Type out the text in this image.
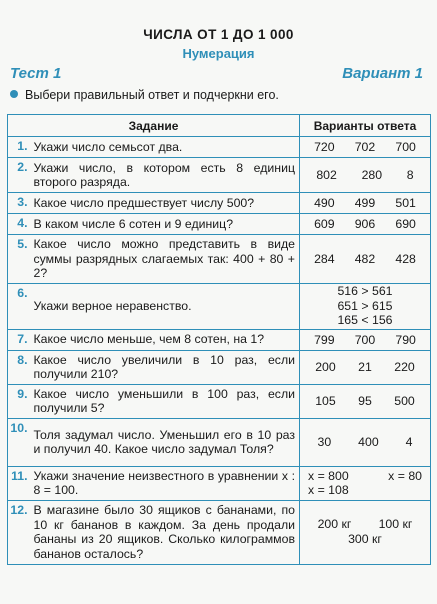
ЧИСЛА ОТ 1 ДО 1 000
Нумерация
Тест 1	Вариант 1
Выбери правильный ответ и подчеркни его.
Задание		Варианты ответа
1.	Укажи число семьсот два.	720 702 700

2.	Укажи число, в котором есть 8 единиц второго разряда.	802 280 8

3.	Какое число предшествует числу 500?	490 499 501

4.	В каком числе 6 сотен и 9 единиц?	609 906 690

5.	Какое число можно представить в виде суммы разрядных слагаемых так: 400 + 80 + 2?	284 482 428

6.	Укажи верное неравенство.	516 > 561
651 > 615
165 < 156

7.	Какое число меньше, чем 8 сотен, на 1?	799 700 790

8.	Какое число увеличили в 10 раз, если получили 210?	200 21 220

9.	Какое число уменьшили в 100 раз, если получили 5?	105 95 500

10.	Толя задумал число. Уменьшил его в 10 раз и получил 40. Какое число задумал Толя?	30 400 4

11.	Укажи значение неизвестного в уравнении x : 8 = 100.	x = 800 x = 80
x = 108

12.	В магазине было 30 ящиков с бананами, по 10 кг бананов в каждом. За день продали бананы из 20 ящиков. Сколько килограммов бананов осталось?	200 кг 100 кг
300 кг
